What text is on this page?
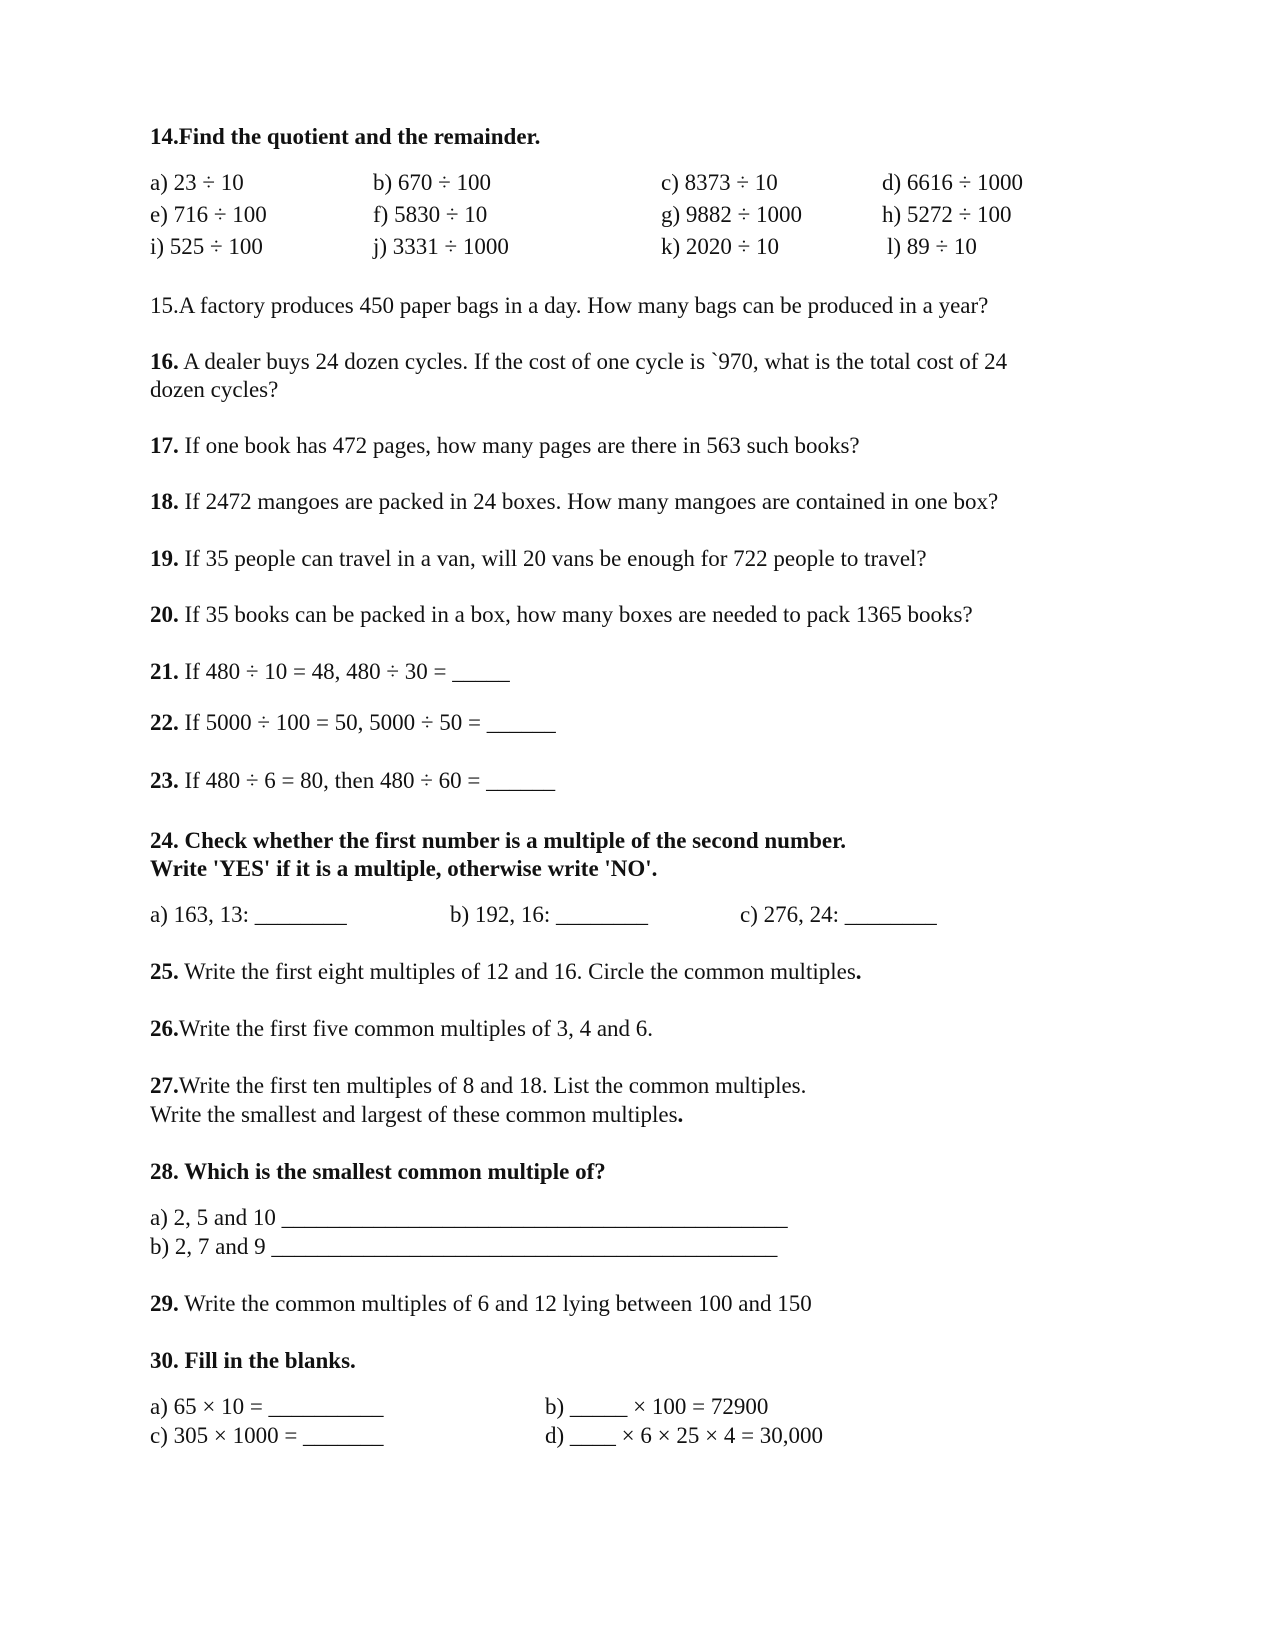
14.Find the quotient and the remainder.
a) 23 ÷ 10	b) 670 ÷ 100	c) 8373 ÷ 10	d) 6616 ÷ 1000
e) 716 ÷ 100	f) 5830 ÷ 10	g) 9882 ÷ 1000	h) 5272 ÷ 100
i) 525 ÷ 100	j) 3331 ÷ 1000	k) 2020 ÷ 10	l) 89 ÷ 10
15.A factory produces 450 paper bags in a day. How many bags can be produced in a year?
16. A dealer buys 24 dozen cycles. If the cost of one cycle is `970, what is the total cost of 24
dozen cycles?
17. If one book has 472 pages, how many pages are there in 563 such books?
18. If 2472 mangoes are packed in 24 boxes. How many mangoes are contained in one box?
19. If 35 people can travel in a van, will 20 vans be enough for 722 people to travel?
20. If 35 books can be packed in a box, how many boxes are needed to pack 1365 books?
21. If 480 ÷ 10 = 48, 480 ÷ 30 = _____
22. If 5000 ÷ 100 = 50, 5000 ÷ 50 = ______
23. If 480 ÷ 6 = 80, then 480 ÷ 60 = ______
24. Check whether the first number is a multiple of the second number.
Write 'YES' if it is a multiple, otherwise write 'NO'.
a) 163, 13: ________	b) 192, 16: ________	c) 276, 24: ________
25. Write the first eight multiples of 12 and 16. Circle the common multiples.
26.Write the first five common multiples of 3, 4 and 6.
27.Write the first ten multiples of 8 and 18. List the common multiples.
Write the smallest and largest of these common multiples.
28. Which is the smallest common multiple of?
a) 2, 5 and 10 ____________________________________________
b) 2, 7 and 9 ____________________________________________
29. Write the common multiples of 6 and 12 lying between 100 and 150
30. Fill in the blanks.
a) 65 × 10 = __________	b) _____ × 100 = 72900
c) 305 × 1000 = _______	d) ____ × 6 × 25 × 4 = 30,000
